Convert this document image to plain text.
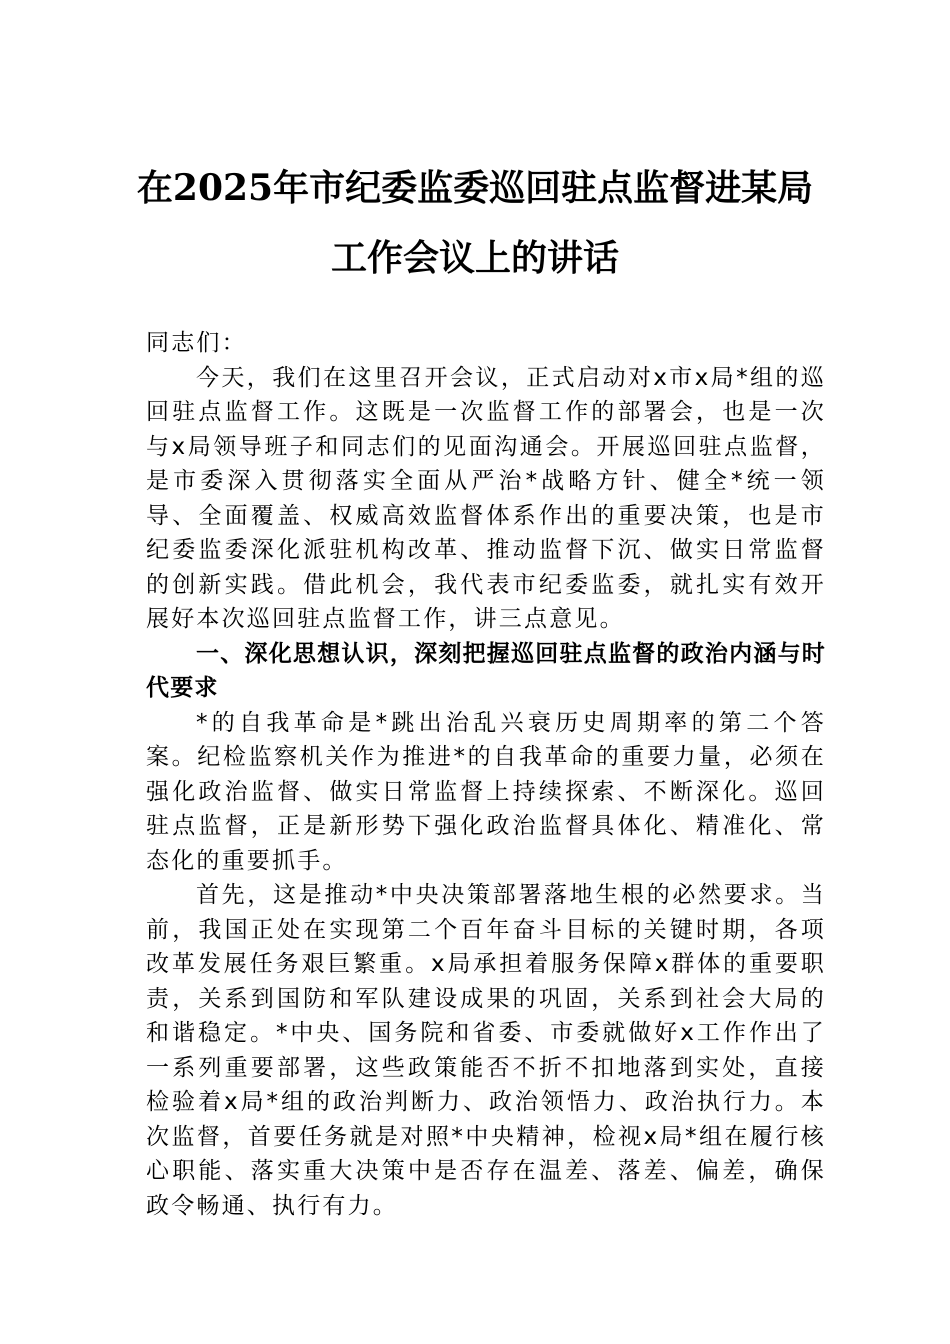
在2025年市纪委监委巡回驻点监督进某局
工作会议上的讲话

同志们：

今天，我们在这里召开会议，正式启动对x市x局*组的巡回驻点监督工作。这既是一次监督工作的部署会，也是一次与x局领导班子和同志们的见面沟通会。开展巡回驻点监督，是市委深入贯彻落实全面从严治*战略方针、健全*统一领导、全面覆盖、权威高效监督体系作出的重要决策，也是市纪委监委深化派驻机构改革、推动监督下沉、做实日常监督的创新实践。借此机会，我代表市纪委监委，就扎实有效开展好本次巡回驻点监督工作，讲三点意见。

一、深化思想认识，深刻把握巡回驻点监督的政治内涵与时代要求

*的自我革命是*跳出治乱兴衰历史周期率的第二个答案。纪检监察机关作为推进*的自我革命的重要力量，必须在强化政治监督、做实日常监督上持续探索、不断深化。巡回驻点监督，正是新形势下强化政治监督具体化、精准化、常态化的重要抓手。

首先，这是推动*中央决策部署落地生根的必然要求。当前，我国正处在实现第二个百年奋斗目标的关键时期，各项改革发展任务艰巨繁重。x局承担着服务保障x群体的重要职责，关系到国防和军队建设成果的巩固，关系到社会大局的和谐稳定。*中央、国务院和省委、市委就做好x工作作出了一系列重要部署，这些政策能否不折不扣地落到实处，直接检验着x局*组的政治判断力、政治领悟力、政治执行力。本次监督，首要任务就是对照*中央精神，检视x局*组在履行核心职能、落实重大决策中是否存在温差、落差、偏差，确保政令畅通、执行有力。
